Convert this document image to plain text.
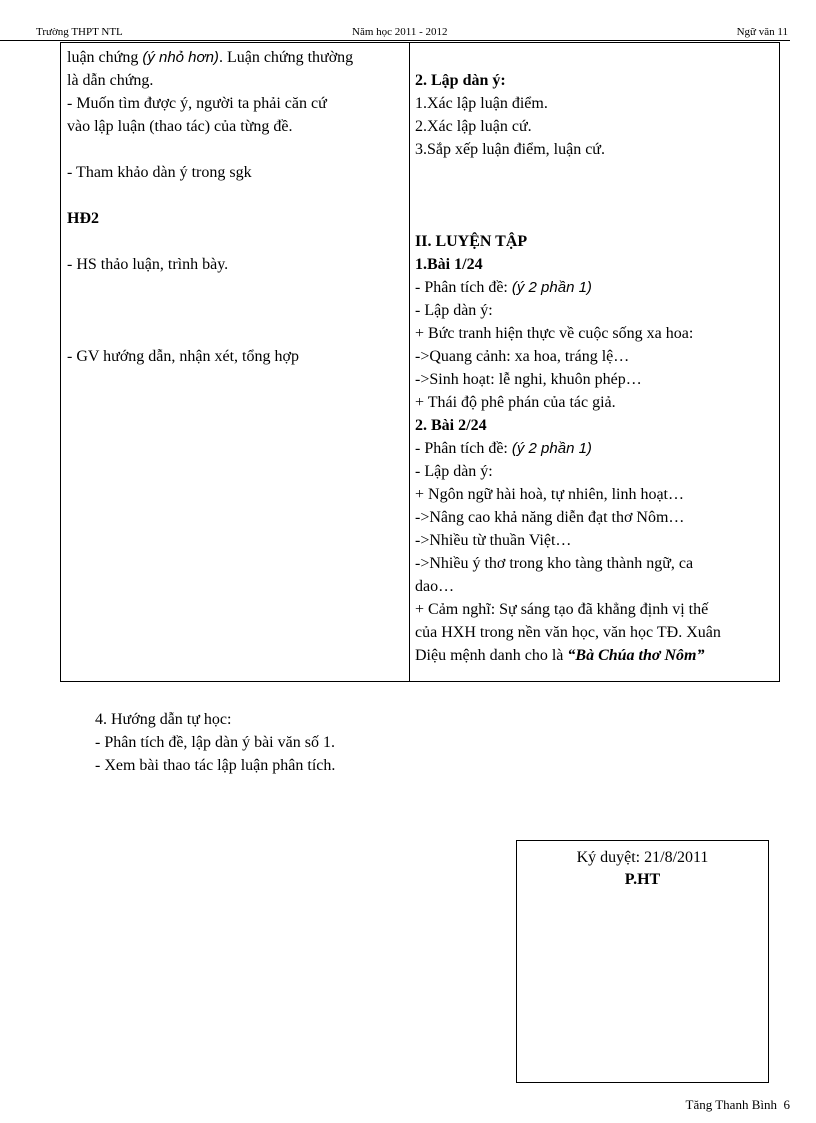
Trường THPT NTL	Năm học 2011 - 2012	Ngữ văn 11
luận chứng (ý nhỏ hơn). Luận chứng thường
là dẫn chứng.
- Muốn tìm được ý, người ta phải căn cứ
vào lập luận (thao tác) của từng đề.
- Tham khảo dàn ý trong sgk
HĐ2
- HS thảo luận, trình bày.
- GV hướng dẫn, nhận xét, tổng hợp
2. Lập dàn ý:
1.Xác lập luận điểm.
2.Xác lập luận cứ.
3.Sắp xếp luận điểm, luận cứ.
II. LUYỆN TẬP
1.Bài 1/24
- Phân tích đề: (ý 2 phần 1)
- Lập dàn ý:
+ Bức tranh hiện thực về cuộc sống xa hoa:
->Quang cảnh: xa hoa, tráng lệ…
->Sinh hoạt: lễ nghi, khuôn phép…
+ Thái độ phê phán của tác giả.
2. Bài 2/24
- Phân tích đề: (ý 2 phần 1)
- Lập dàn ý:
+ Ngôn ngữ hài hoà, tự nhiên, linh hoạt…
->Nâng cao khả năng diễn đạt thơ Nôm…
->Nhiều từ thuần Việt…
->Nhiều ý thơ trong kho tàng thành ngữ, ca
dao…
+ Cảm nghĩ: Sự sáng tạo đã khẳng định vị thế
của HXH trong nền văn học, văn học TĐ. Xuân
Diệu mệnh danh cho là “Bà Chúa thơ Nôm”
4. Hướng dẫn tự học:
- Phân tích đề, lập dàn ý bài văn số 1.
- Xem bài thao tác lập luận phân tích.
Ký duyệt: 21/8/2011
P.HT
Tăng Thanh Bình 6
